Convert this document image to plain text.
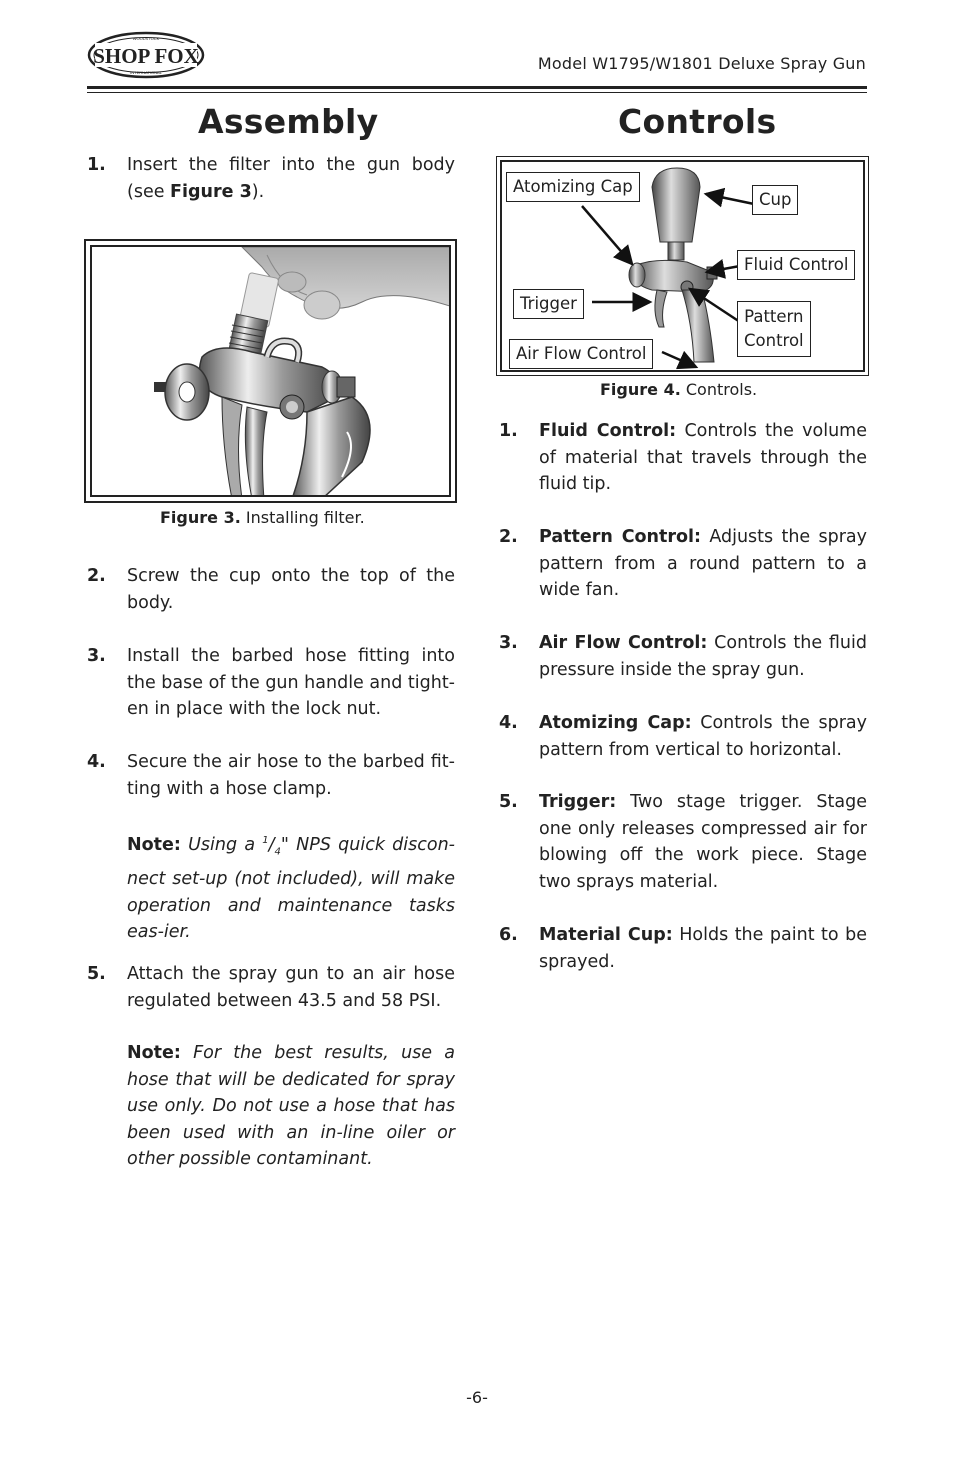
SHOP FOX
WOODSTOCK
INTERNATIONAL	Model W1795/W1801 Deluxe Spray Gun
Assembly	Controls
1.	Insert the filter into the gun body (see Figure 3).
Figure 3. Installing filter.
2.	Screw the cup onto the top of the body.
3.	Install the barbed hose fitting into the base of the gun handle and tight-en in place with the lock nut.
4.	Secure the air hose to the barbed fit-ting with a hose clamp.
Note: Using a $^1/_4$" NPS quick discon-nect set-up (not included), will make operation and maintenance tasks eas-ier.
5.	Attach the spray gun to an air hose regulated between 43.5 and 58 PSI.
Note: For the best results, use a hose that will be dedicated for spray use only. Do not use a hose that has been used with an in-line oiler or other possible contaminant.
Atomizing Cap
Cup
Fluid Control
Trigger
Pattern
Control
Air Flow Control
Figure 4. Controls.
1.	Fluid Control: Controls the volume of material that travels through the fluid tip.
2.	Pattern Control: Adjusts the spray pattern from a round pattern to a wide fan.
3.	Air Flow Control: Controls the fluid pressure inside the spray gun.
4.	Atomizing Cap: Controls the spray pattern from vertical to horizontal.
5.	Trigger: Two stage trigger. Stage one only releases compressed air for blowing off the work piece. Stage two sprays material.
6.	Material Cup: Holds the paint to be sprayed.
-6-
